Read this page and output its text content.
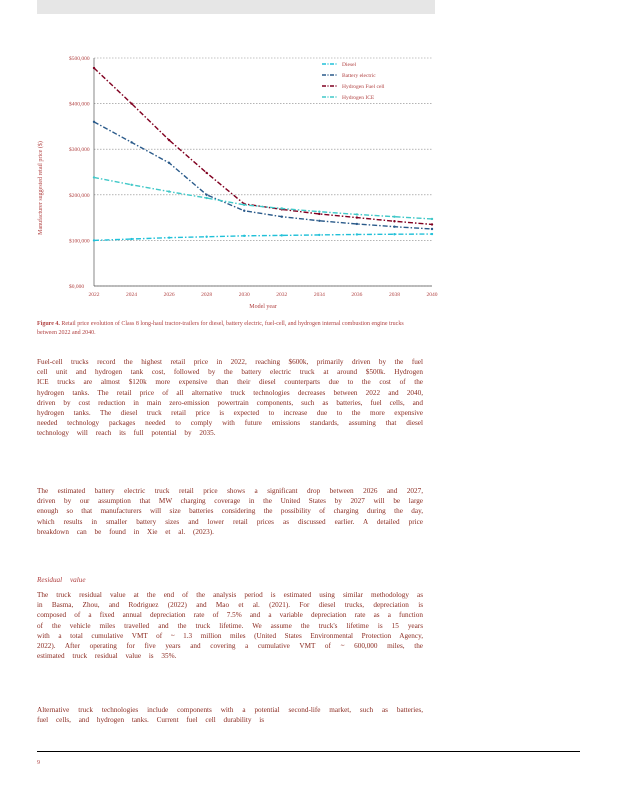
$0,000
$100,000
$200,000
$300,000
$400,000
$500,000
2022	2024	2026	2028	2030	2032	2034	2036	2038	2040
Diesel
Battery electric
Hydrogen Fuel cell
Hydrogen ICE
Model year
Manufacturer suggested retail price ($)
Figure 4. Retail price evolution of Class 8 long-haul tractor-trailers for diesel, battery electric, fuel-cell, and hydrogen internal combustion engine trucks between 2022 and 2040.

Fuel-cell trucks record the highest retail price in 2022, reaching $600k, primarily driven by the fuel cell unit and hydrogen tank cost, followed by the battery electric truck at around $500k. Hydrogen ICE trucks are almost $120k more expensive than their diesel counterparts due to the cost of the hydrogen tanks. The retail price of all alternative truck technologies decreases between 2022 and 2040, driven by cost reduction in main zero-emission powertrain components, such as batteries, fuel cells, and hydrogen tanks. The diesel truck retail price is expected to increase due to the more expensive needed technology packages needed to comply with future emissions standards, assuming that diesel technology will reach its full potential by 2035.

The estimated battery electric truck retail price shows a significant drop between 2026 and 2027, driven by our assumption that MW charging coverage in the United States by 2027 will be large enough so that manufacturers will size batteries considering the possibility of charging during the day, which results in smaller battery sizes and lower retail prices as discussed earlier. A detailed price breakdown can be found in Xie et al. (2023).

Residual value

The truck residual value at the end of the analysis period is estimated using similar methodology as in Basma, Zhou, and Rodriguez (2022) and Mao et al. (2021). For diesel trucks, depreciation is composed of a fixed annual depreciation rate of 7.5% and a variable depreciation rate as a function of the vehicle miles travelled and the truck lifetime. We assume the truck's lifetime is 15 years with a total cumulative VMT of ~ 1.3 million miles (United States Environmental Protection Agency, 2022). After operating for five years and covering a cumulative VMT of ~ 600,000 miles, the estimated truck residual value is 35%.

Alternative truck technologies include components with a potential second-life market, such as batteries, fuel cells, and hydrogen tanks. Current fuel cell durability is

9
